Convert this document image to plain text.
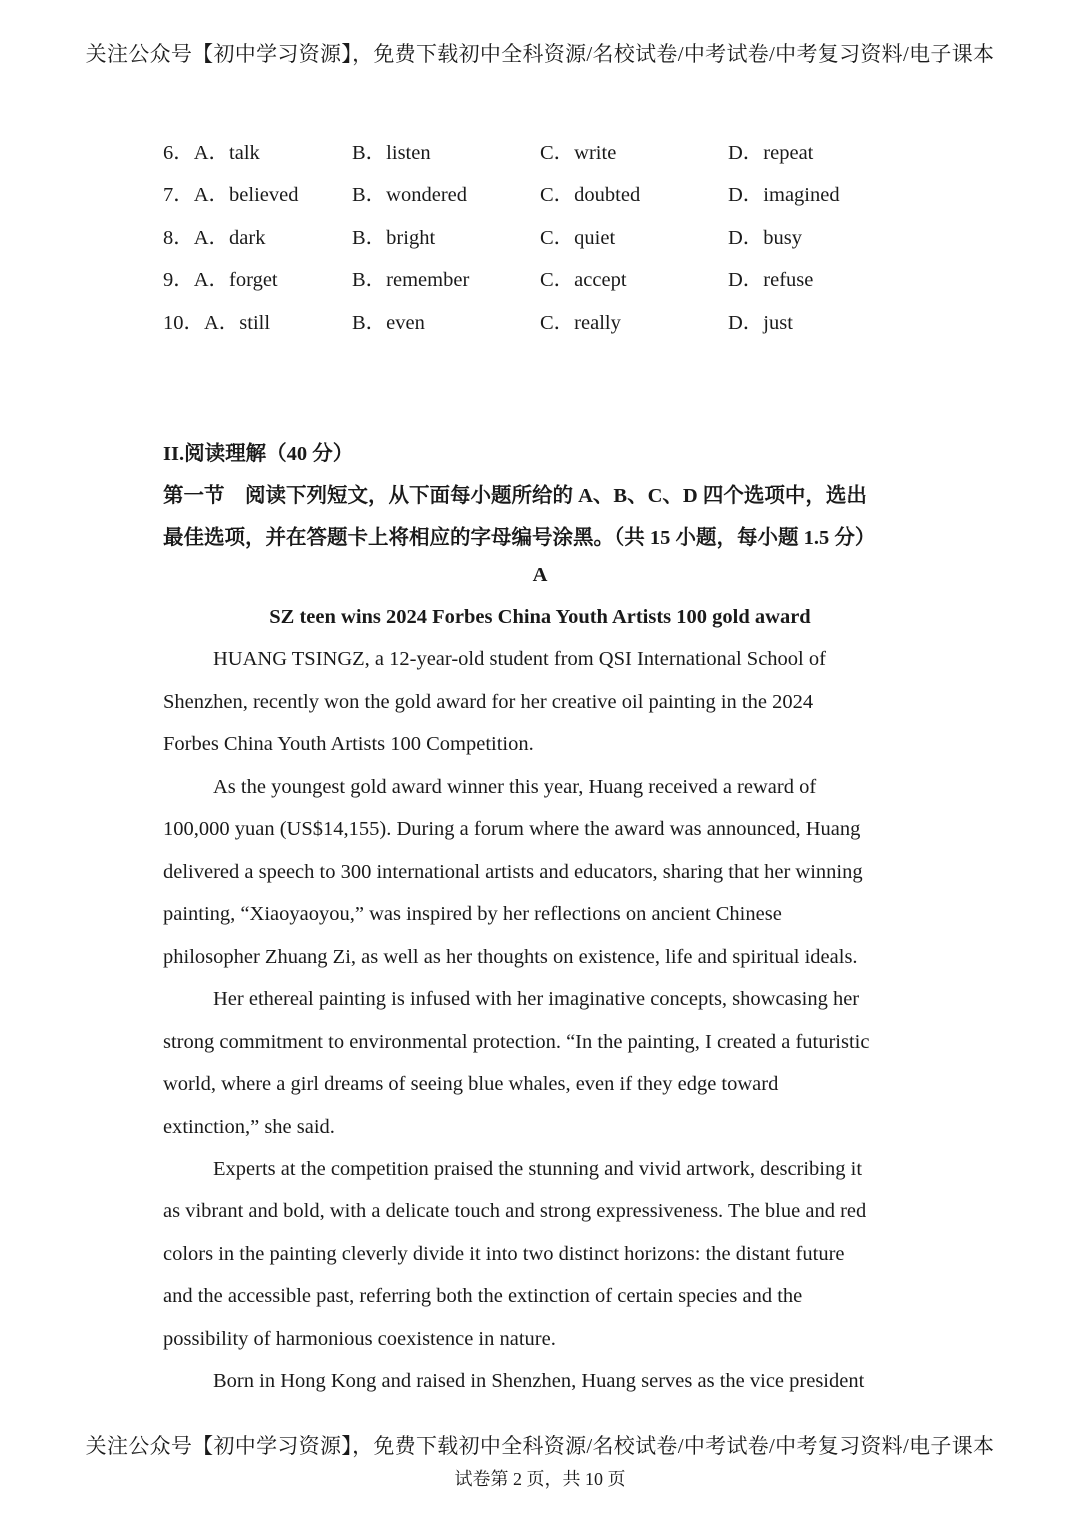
关注公众号【初中学习资源】，免费下载初中全科资源/名校试卷/中考试卷/中考复习资料/电子课本
6．A．talk	B．listen	C．write	D．repeat
7．A．believed	B．wondered	C．doubted	D．imagined
8．A．dark	B．bright	C．quiet	D．busy
9．A．forget	B．remember	C．accept	D．refuse
10．A．still	B．even	C．really	D．just
II.阅读理解（40 分）
第一节　阅读下列短文，从下面每小题所给的 A、B、C、D 四个选项中，选出
最佳选项，并在答题卡上将相应的字母编号涂黑。（共 15 小题，每小题 1.5 分）
A
SZ teen wins 2024 Forbes China Youth Artists 100 gold award
HUANG TSINGZ, a 12-year-old student from QSI International School of
Shenzhen, recently won the gold award for her creative oil painting in the 2024
Forbes China Youth Artists 100 Competition.
As the youngest gold award winner this year, Huang received a reward of
100,000 yuan (US$14,155). During a forum where the award was announced, Huang
delivered a speech to 300 international artists and educators, sharing that her winning
painting, “Xiaoyaoyou,” was inspired by her reflections on ancient Chinese
philosopher Zhuang Zi, as well as her thoughts on existence, life and spiritual ideals.
Her ethereal painting is infused with her imaginative concepts, showcasing her
strong commitment to environmental protection. “In the painting, I created a futuristic
world, where a girl dreams of seeing blue whales, even if they edge toward
extinction,” she said.
Experts at the competition praised the stunning and vivid artwork, describing it
as vibrant and bold, with a delicate touch and strong expressiveness. The blue and red
colors in the painting cleverly divide it into two distinct horizons: the distant future
and the accessible past, referring both the extinction of certain species and the
possibility of harmonious coexistence in nature.
Born in Hong Kong and raised in Shenzhen, Huang serves as the vice president
关注公众号【初中学习资源】，免费下载初中全科资源/名校试卷/中考试卷/中考复习资料/电子课本
试卷第 2 页，共 10 页
